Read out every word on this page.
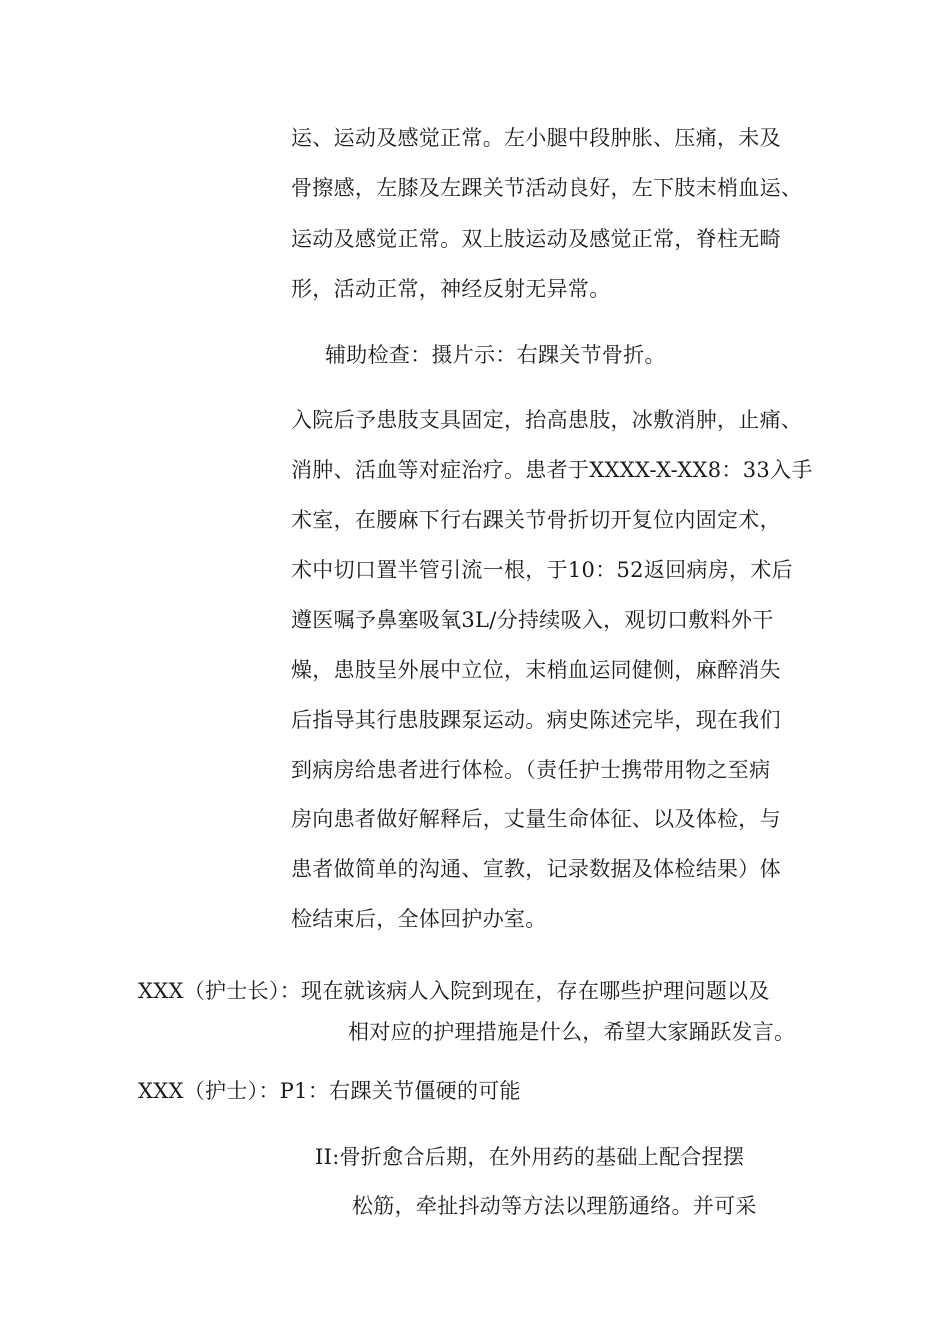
运、运动及感觉正常。左小腿中段肿胀、压痛，未及
骨擦感，左膝及左踝关节活动良好，左下肢末梢血运、
运动及感觉正常。双上肢运动及感觉正常，脊柱无畸
形，活动正常，神经反射无异常。
辅助检查：摄片示：右踝关节骨折。
入院后予患肢支具固定，抬高患肢，冰敷消肿，止痛、
消肿、活血等对症治疗。患者于XXXX-X-XX8：33入手
术室，在腰麻下行右踝关节骨折切开复位内固定术，
术中切口置半管引流一根，于10：52返回病房，术后
遵医嘱予鼻塞吸氧3L/分持续吸入，观切口敷料外干
燥，患肢呈外展中立位，末梢血运同健侧，麻醉消失
后指导其行患肢踝泵运动。病史陈述完毕，现在我们
到病房给患者进行体检。（责任护士携带用物之至病
房向患者做好解释后，丈量生命体征、以及体检，与
患者做简单的沟通、宣教，记录数据及体检结果）体
检结束后，全体回护办室。
XXX（护士长）：现在就该病人入院到现在，存在哪些护理问题以及
相对应的护理措施是什么，希望大家踊跃发言。
XXX（护士）：P1：右踝关节僵硬的可能
II:骨折愈合后期，在外用药的基础上配合捏摆
松筋，牵扯抖动等方法以理筋通络。并可采
